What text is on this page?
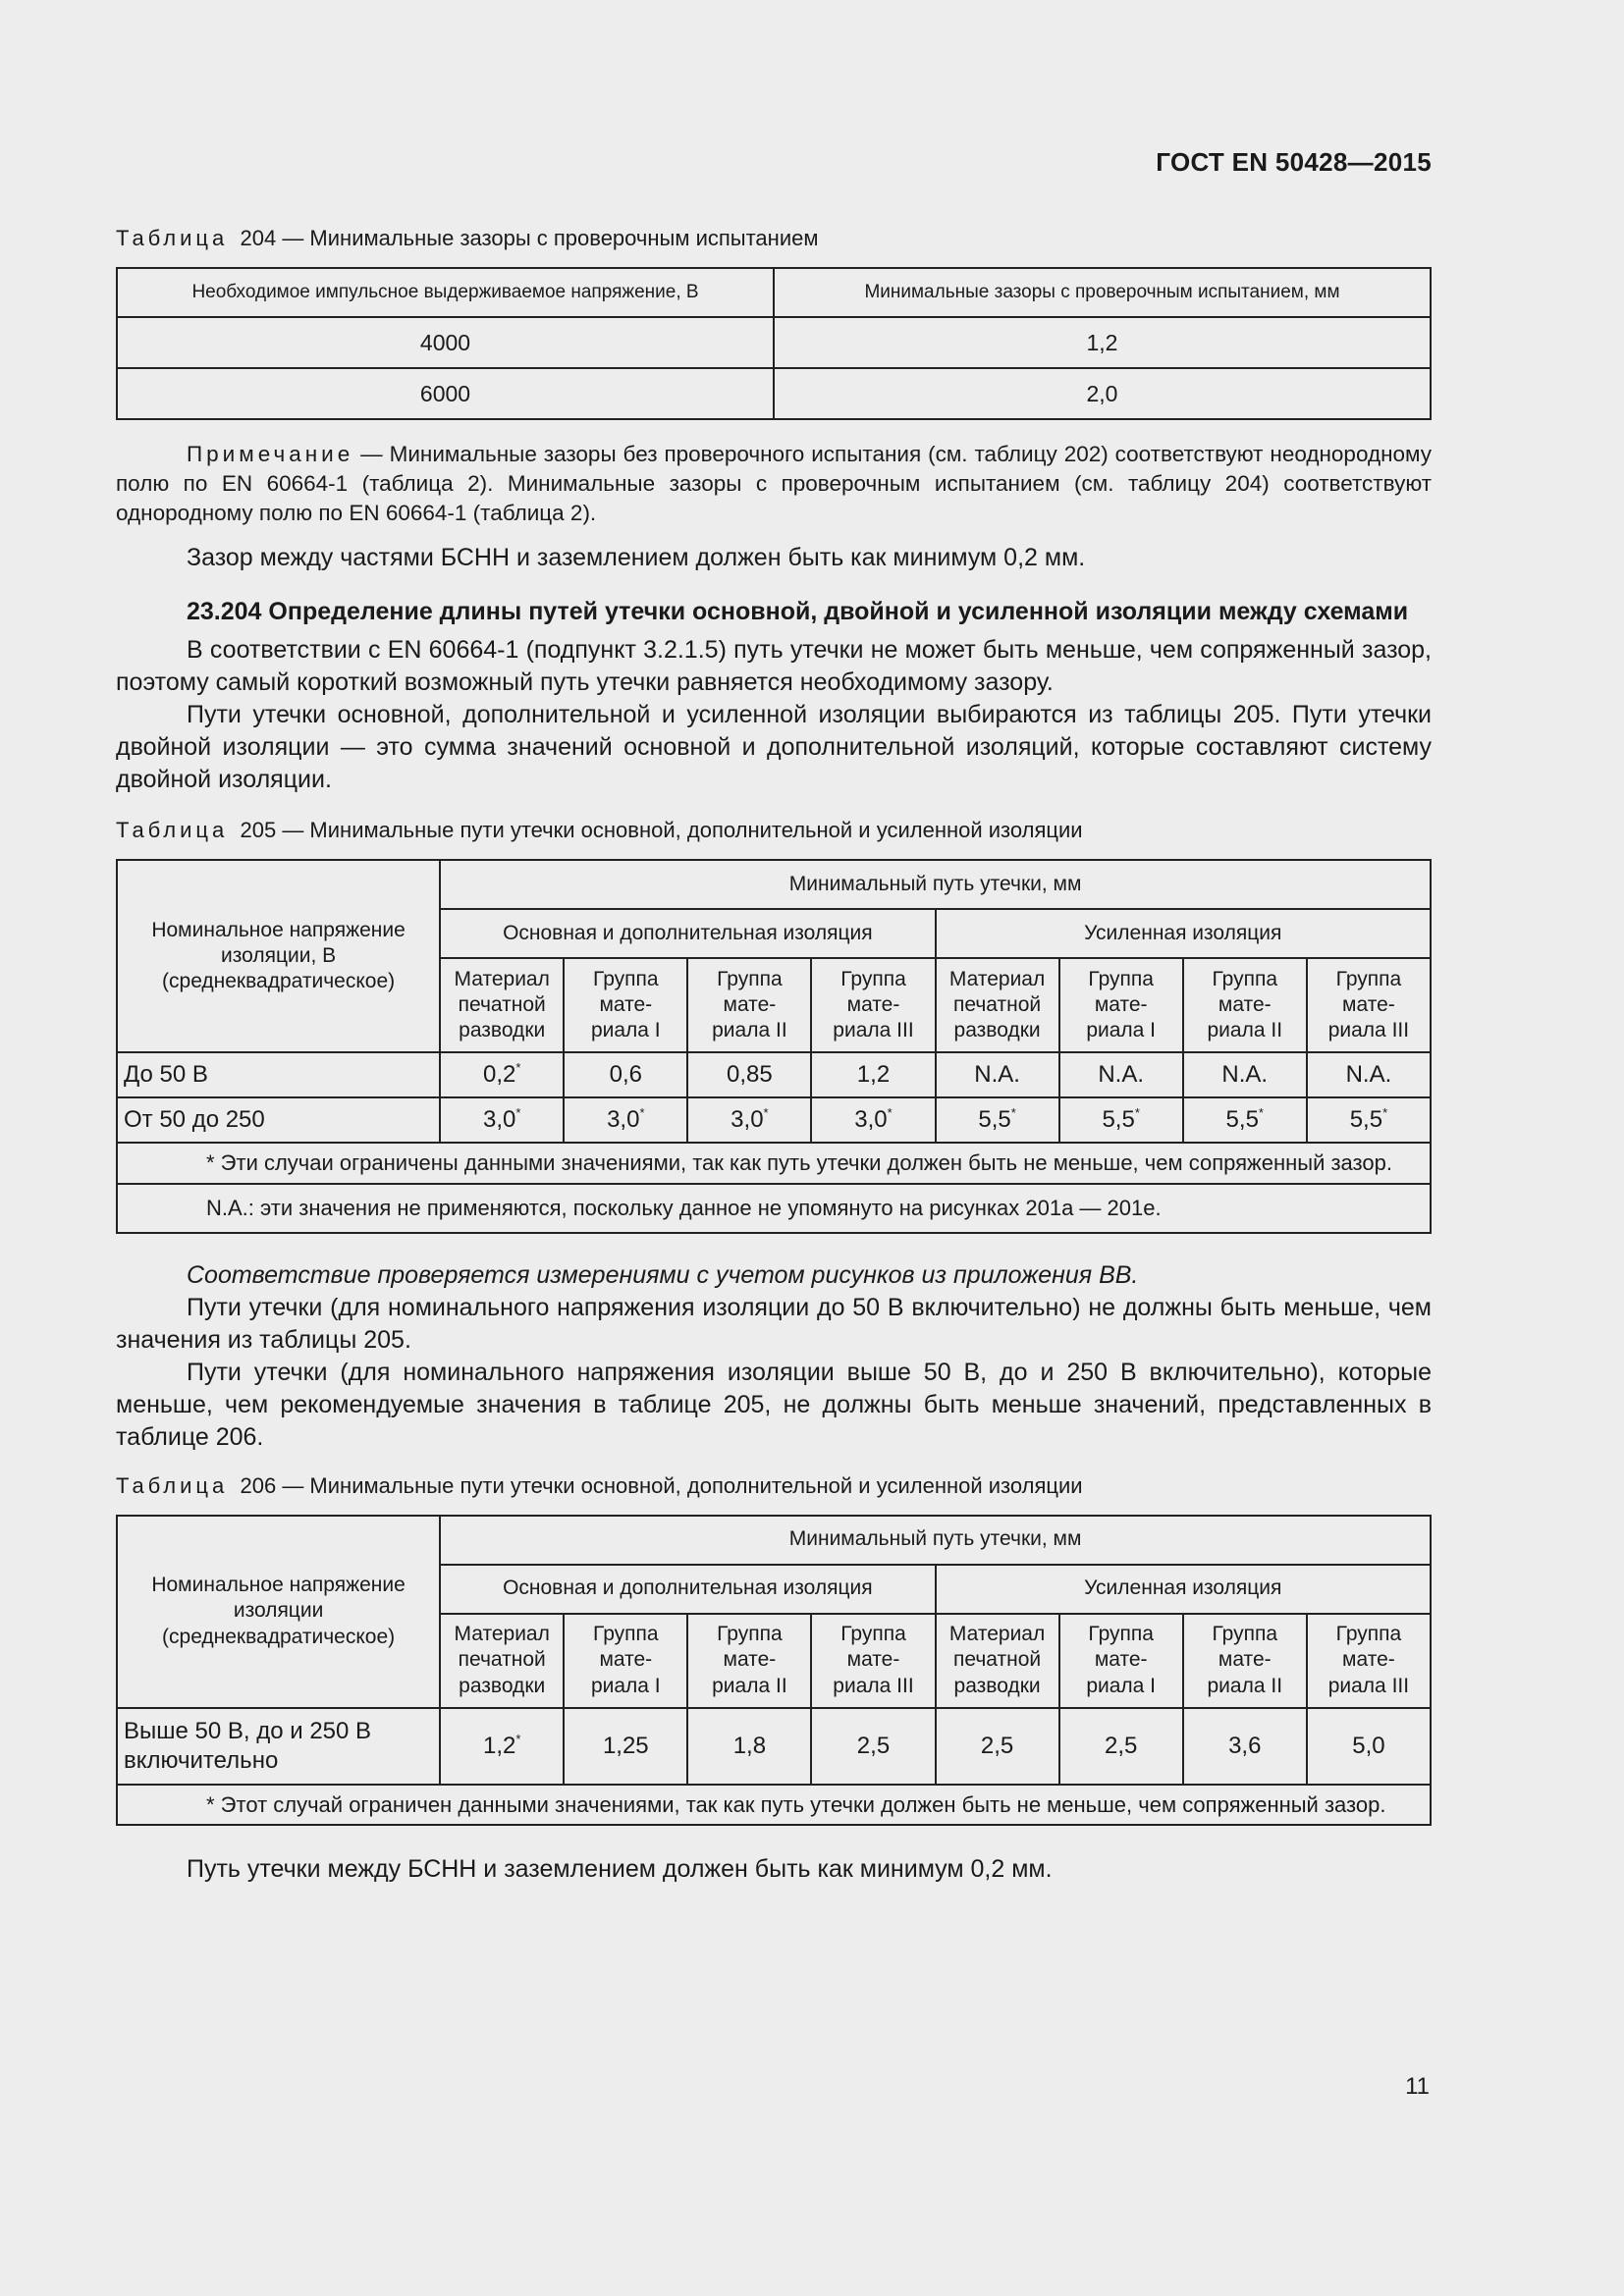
ГОСТ EN 50428—2015
Таблица 204 — Минимальные зазоры с проверочным испытанием
Необходимое импульсное выдерживаемое напряжение, В	Минимальные зазоры с проверочным испытанием, мм
4000	1,2
6000	2,0
Примечание — Минимальные зазоры без проверочного испытания (см. таблицу 202) соответствуют неоднородному полю по EN 60664-1 (таблица 2). Минимальные зазоры с проверочным испытанием (см. таблицу 204) соответствуют однородному полю по EN 60664-1 (таблица 2).

Зазор между частями БСНН и заземлением должен быть как минимум 0,2 мм.

23.204 Определение длины путей утечки основной, двойной и усиленной изоляции между схемами

В соответствии с EN 60664-1 (подпункт 3.2.1.5) путь утечки не может быть меньше, чем сопряженный зазор, поэтому самый короткий возможный путь утечки равняется необходимому зазору.

Пути утечки основной, дополнительной и усиленной изоляции выбираются из таблицы 205. Пути утечки двойной изоляции — это сумма значений основной и дополнительной изоляций, которые составляют систему двойной изоляции.

Таблица 205 — Минимальные пути утечки основной, дополнительной и усиленной изоляции
Номинальное напряжение изоляции, В (среднеквадратическое)	Минимальный путь утечки, мм							
	Основная и дополнительная изоляция				Усиленная изоляция			
	Материал печатной разводки	Группа мате-риала I	Группа мате-риала II	Группа мате-риала III	Материал печатной разводки	Группа мате-риала I	Группа мате-риала II	Группа мате-риала III
До 50 В	0,2*	0,6	0,85	1,2	N.A.	N.A.	N.A.	N.A.
От 50 до 250	3,0*	3,0*	3,0*	3,0*	5,5*	5,5*	5,5*	5,5*
* Эти случаи ограничены данными значениями, так как путь утечки должен быть не меньше, чем сопряженный зазор.								
N.A.: эти значения не применяются, поскольку данное не упомянуто на рисунках 201а — 201е.								

Соответствие проверяется измерениями с учетом рисунков из приложения ВВ.

Пути утечки (для номинального напряжения изоляции до 50 В включительно) не должны быть меньше, чем значения из таблицы 205.

Пути утечки (для номинального напряжения изоляции выше 50 В, до и 250 В включительно), которые меньше, чем рекомендуемые значения в таблице 205, не должны быть меньше значений, представленных в таблице 206.

Таблица 206 — Минимальные пути утечки основной, дополнительной и усиленной изоляции
Номинальное напряжение изоляции (среднеквадратическое)	Минимальный путь утечки, мм							
	Основная и дополнительная изоляция				Усиленная изоляция			
	Материал печатной разводки	Группа мате-риала I	Группа мате-риала II	Группа мате-риала III	Материал печатной разводки	Группа мате-риала I	Группа мате-риала II	Группа мате-риала III
Выше 50 В, до и 250 В включительно	1,2*	1,25	1,8	2,5	2,5	2,5	3,6	5,0
* Этот случай ограничен данными значениями, так как путь утечки должен быть не меньше, чем сопряженный зазор.								

Путь утечки между БСНН и заземлением должен быть как минимум 0,2 мм.

11
